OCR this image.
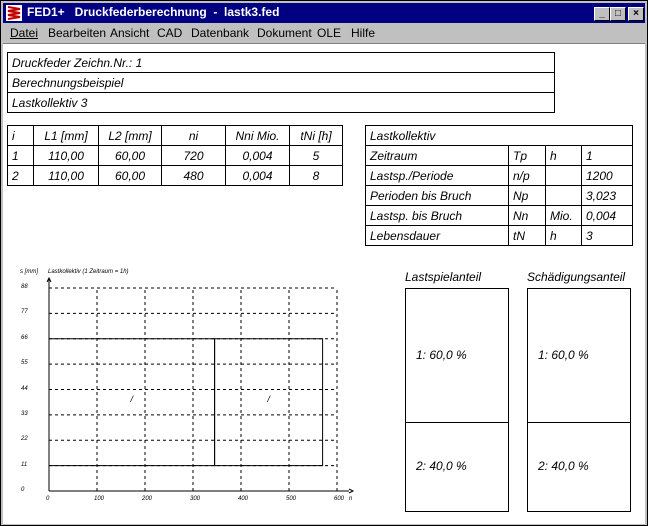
FED1+   Druckfederberechnung  -  lastk3.fed	_	□	×
Datei Bearbeiten Ansicht CAD Datenbank Dokument OLE Hilfe
Druckfeder Zeichn.Nr.: 1
Berechnungsbeispiel
Lastkollektiv 3
i	L1 [mm]	L2 [mm]	ni	Nni Mio.	tNi [h]
1	110,00	60,00	720	0,004	5
2	110,00	60,00	480	0,004	8
Lastkollektiv			
Zeitraum	Tp	h	1
Lastsp./Periode	n/p		1200
Perioden bis Bruch	Np		3,023
Lastsp. bis Bruch	Nn	Mio.	0,004
Lebensdauer	tN	h	3
s [mm] Lastkollektiv (1 Zeitraum = 1h)
/	/
88
77
66
55
44
33
22
11
0
0	100	200	300	400	500	600 n
Lastspielanteil	Schädigungsanteil
1: 60,0 %
2: 40,0 %
1: 60,0 %
2: 40,0 %
